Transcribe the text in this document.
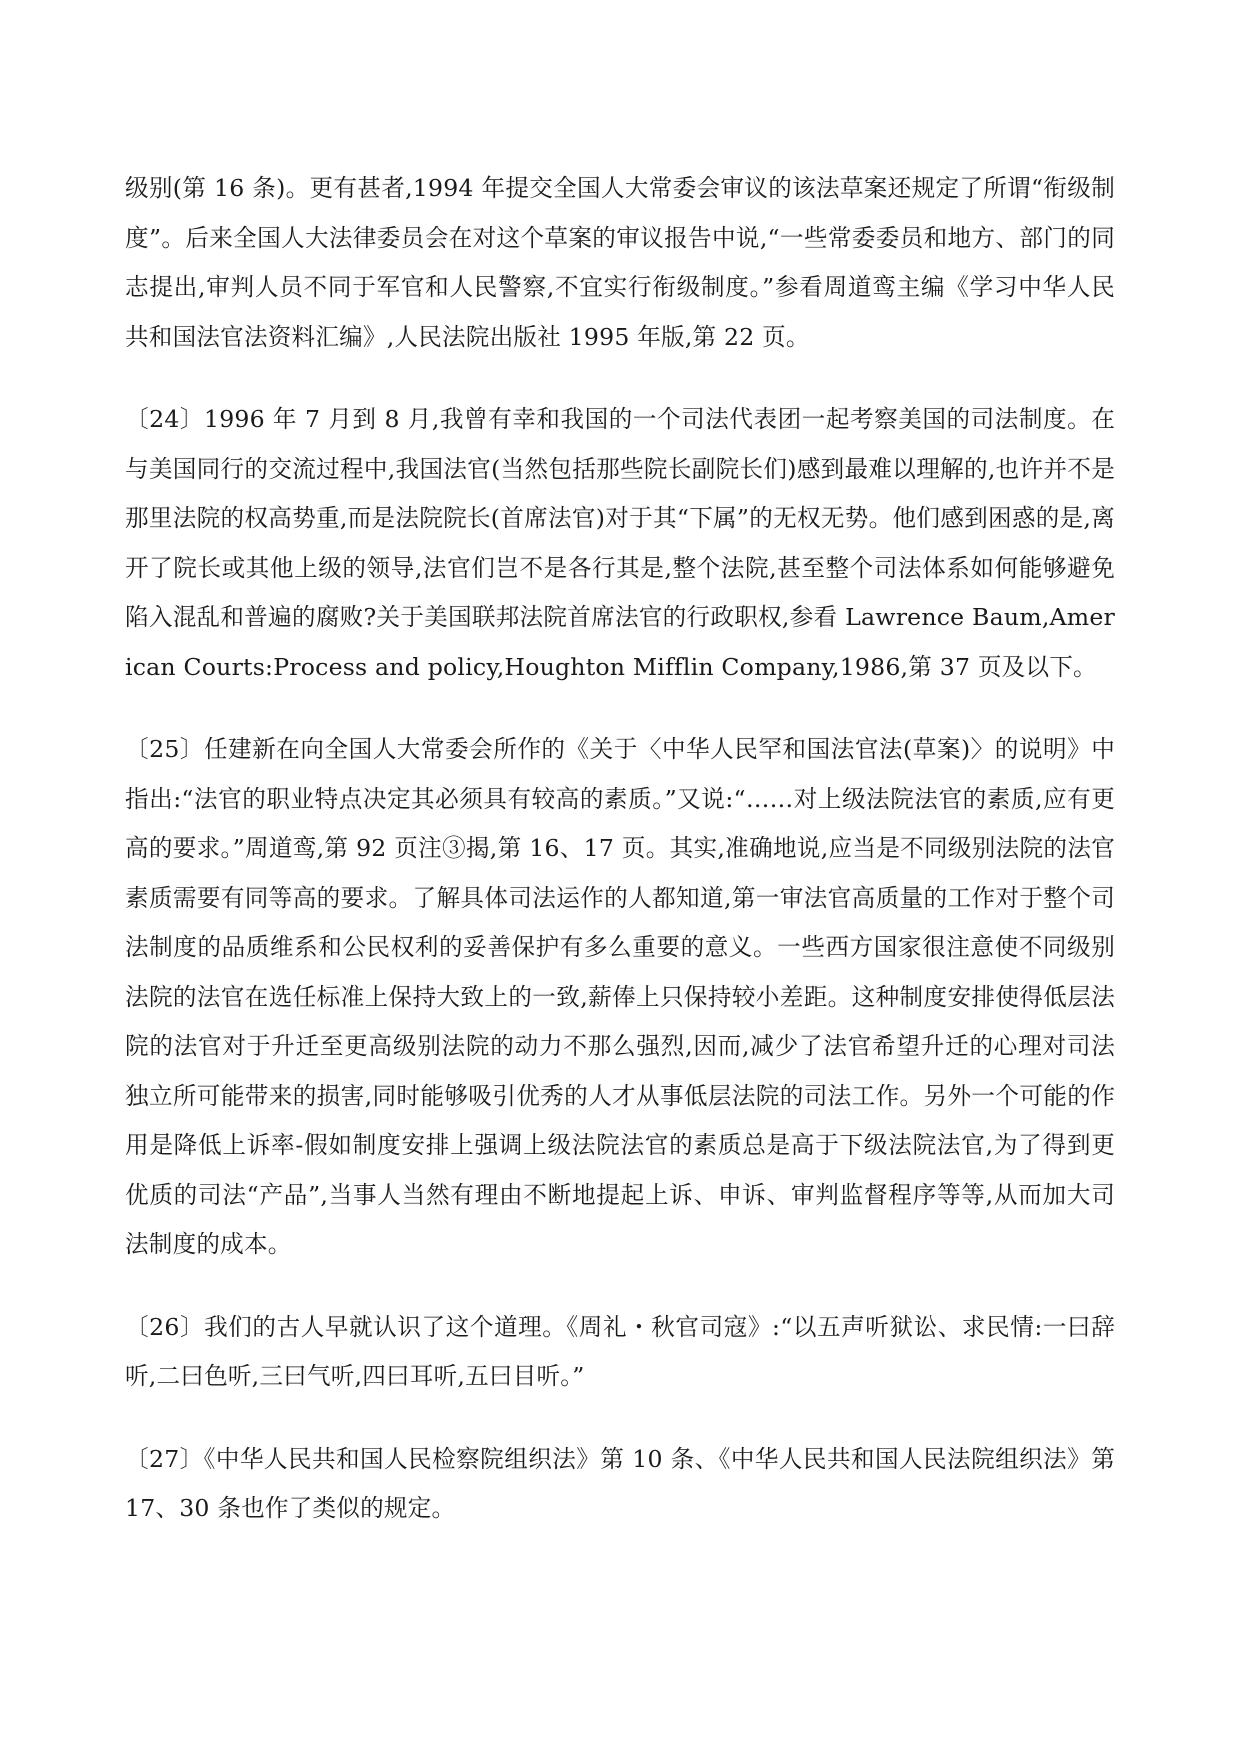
级别(第 16 条)。更有甚者,1994 年提交全国人大常委会审议的该法草案还规定了所谓“衔级制度”。后来全国人大法律委员会在对这个草案的审议报告中说,“一些常委委员和地方、部门的同志提出,审判人员不同于军官和人民警察,不宜实行衔级制度。”参看周道鸾主编《学习中华人民共和国法官法资料汇编》,人民法院出版社 1995 年版,第 22 页。

〔24〕1996 年 7 月到 8 月,我曾有幸和我国的一个司法代表团一起考察美国的司法制度。在与美国同行的交流过程中,我国法官(当然包括那些院长副院长们)感到最难以理解的,也许并不是那里法院的权高势重,而是法院院长(首席法官)对于其“下属”的无权无势。他们感到困惑的是,离开了院长或其他上级的领导,法官们岂不是各行其是,整个法院,甚至整个司法体系如何能够避免陷入混乱和普遍的腐败?关于美国联邦法院首席法官的行政职权,参看 Lawrence Baum,American Courts:Process and policy,Houghton Mifflin Company,1986,第 37 页及以下。

〔25〕任建新在向全国人大常委会所作的《关于〈中华人民罕和国法官法(草案)〉的说明》中指出:“法官的职业特点决定其必须具有较高的素质。”又说:“……对上级法院法官的素质,应有更高的要求。”周道鸾,第 92 页注③揭,第 16、17 页。其实,准确地说,应当是不同级别法院的法官素质需要有同等高的要求。了解具体司法运作的人都知道,第一审法官高质量的工作对于整个司法制度的品质维系和公民权利的妥善保护有多么重要的意义。一些西方国家很注意使不同级别法院的法官在选任标准上保持大致上的一致,薪俸上只保持较小差距。这种制度安排使得低层法院的法官对于升迁至更高级别法院的动力不那么强烈,因而,减少了法官希望升迁的心理对司法独立所可能带来的损害,同时能够吸引优秀的人才从事低层法院的司法工作。另外一个可能的作用是降低上诉率-假如制度安排上强调上级法院法官的素质总是高于下级法院法官,为了得到更优质的司法“产品”,当事人当然有理由不断地提起上诉、申诉、审判监督程序等等,从而加大司法制度的成本。

〔26〕我们的古人早就认识了这个道理。《周礼・秋官司寇》:“以五声听狱讼、求民情:一曰辞听,二曰色听,三曰气听,四曰耳听,五曰目听。”

〔27〕《中华人民共和国人民检察院组织法》第 10 条、《中华人民共和国人民法院组织法》第 17、30 条也作了类似的规定。
